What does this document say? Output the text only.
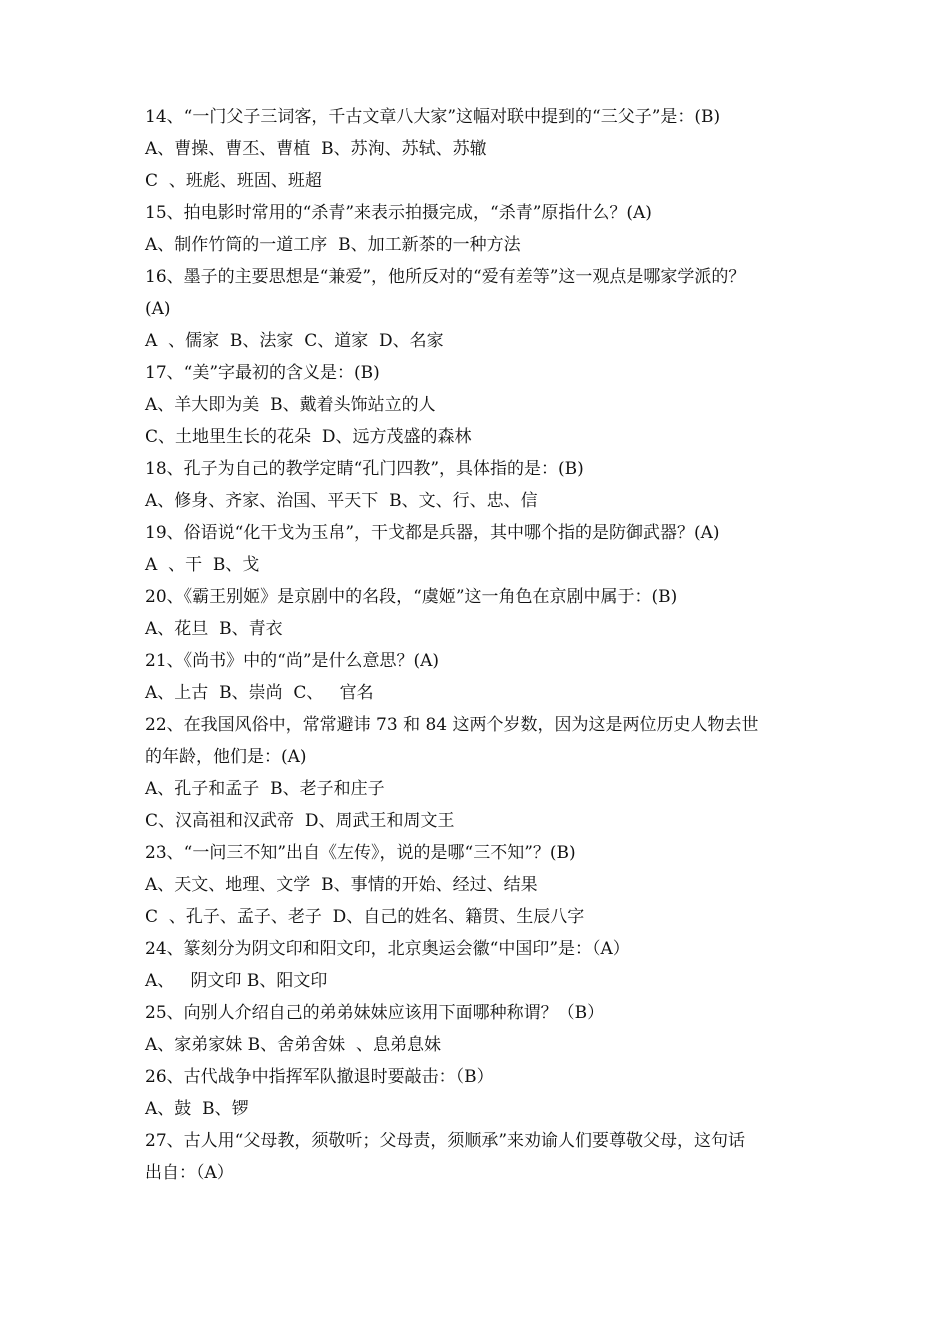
14、“一门父子三词客，千古文章八大家”这幅对联中提到的“三父子”是：(B)
A、曹操、曹丕、曹植  B、苏洵、苏轼、苏辙
C  、班彪、班固、班超
15、拍电影时常用的“杀青”来表示拍摄完成，“杀青”原指什么？(A)
A、制作竹筒的一道工序  B、加工新茶的一种方法
16、墨子的主要思想是“兼爱”，他所反对的“爱有差等”这一观点是哪家学派的？
(A)
A  、儒家  B、法家  C、道家  D、名家
17、“美”字最初的含义是：(B)
A、羊大即为美  B、戴着头饰站立的人
C、土地里生长的花朵  D、远方茂盛的森林
18、孔子为自己的教学定睛“孔门四教”，具体指的是：(B)
A、修身、齐家、治国、平天下  B、文、行、忠、信
19、俗语说“化干戈为玉帛”，干戈都是兵器，其中哪个指的是防御武器？(A)
A  、干  B、戈
20、《霸王别姬》是京剧中的名段，“虞姬”这一角色在京剧中属于：(B)
A、花旦  B、青衣
21、《尚书》中的“尚”是什么意思？(A)
A、上古  B、崇尚  C、   官名
22、在我国风俗中，常常避讳 73 和 84 这两个岁数，因为这是两位历史人物去世
的年龄，他们是：(A)
A、孔子和孟子  B、老子和庄子
C、汉高祖和汉武帝  D、周武王和周文王
23、“一问三不知”出自《左传》，说的是哪“三不知”？(B)
A、天文、地理、文学  B、事情的开始、经过、结果
C  、孔子、孟子、老子  D、自己的姓名、籍贯、生辰八字
24、篆刻分为阴文印和阳文印，北京奥运会徽“中国印”是：（A）
A、   阴文印 B、阳文印
25、向别人介绍自己的弟弟妹妹应该用下面哪种称谓？（B）
A、家弟家妹 B、舍弟舍妹  、息弟息妹
26、古代战争中指挥军队撤退时要敲击：（B）
A、鼓  B、锣
27、古人用“父母教，须敬听；父母责，须顺承”来劝谕人们要尊敬父母，这句话
出自：（A）
